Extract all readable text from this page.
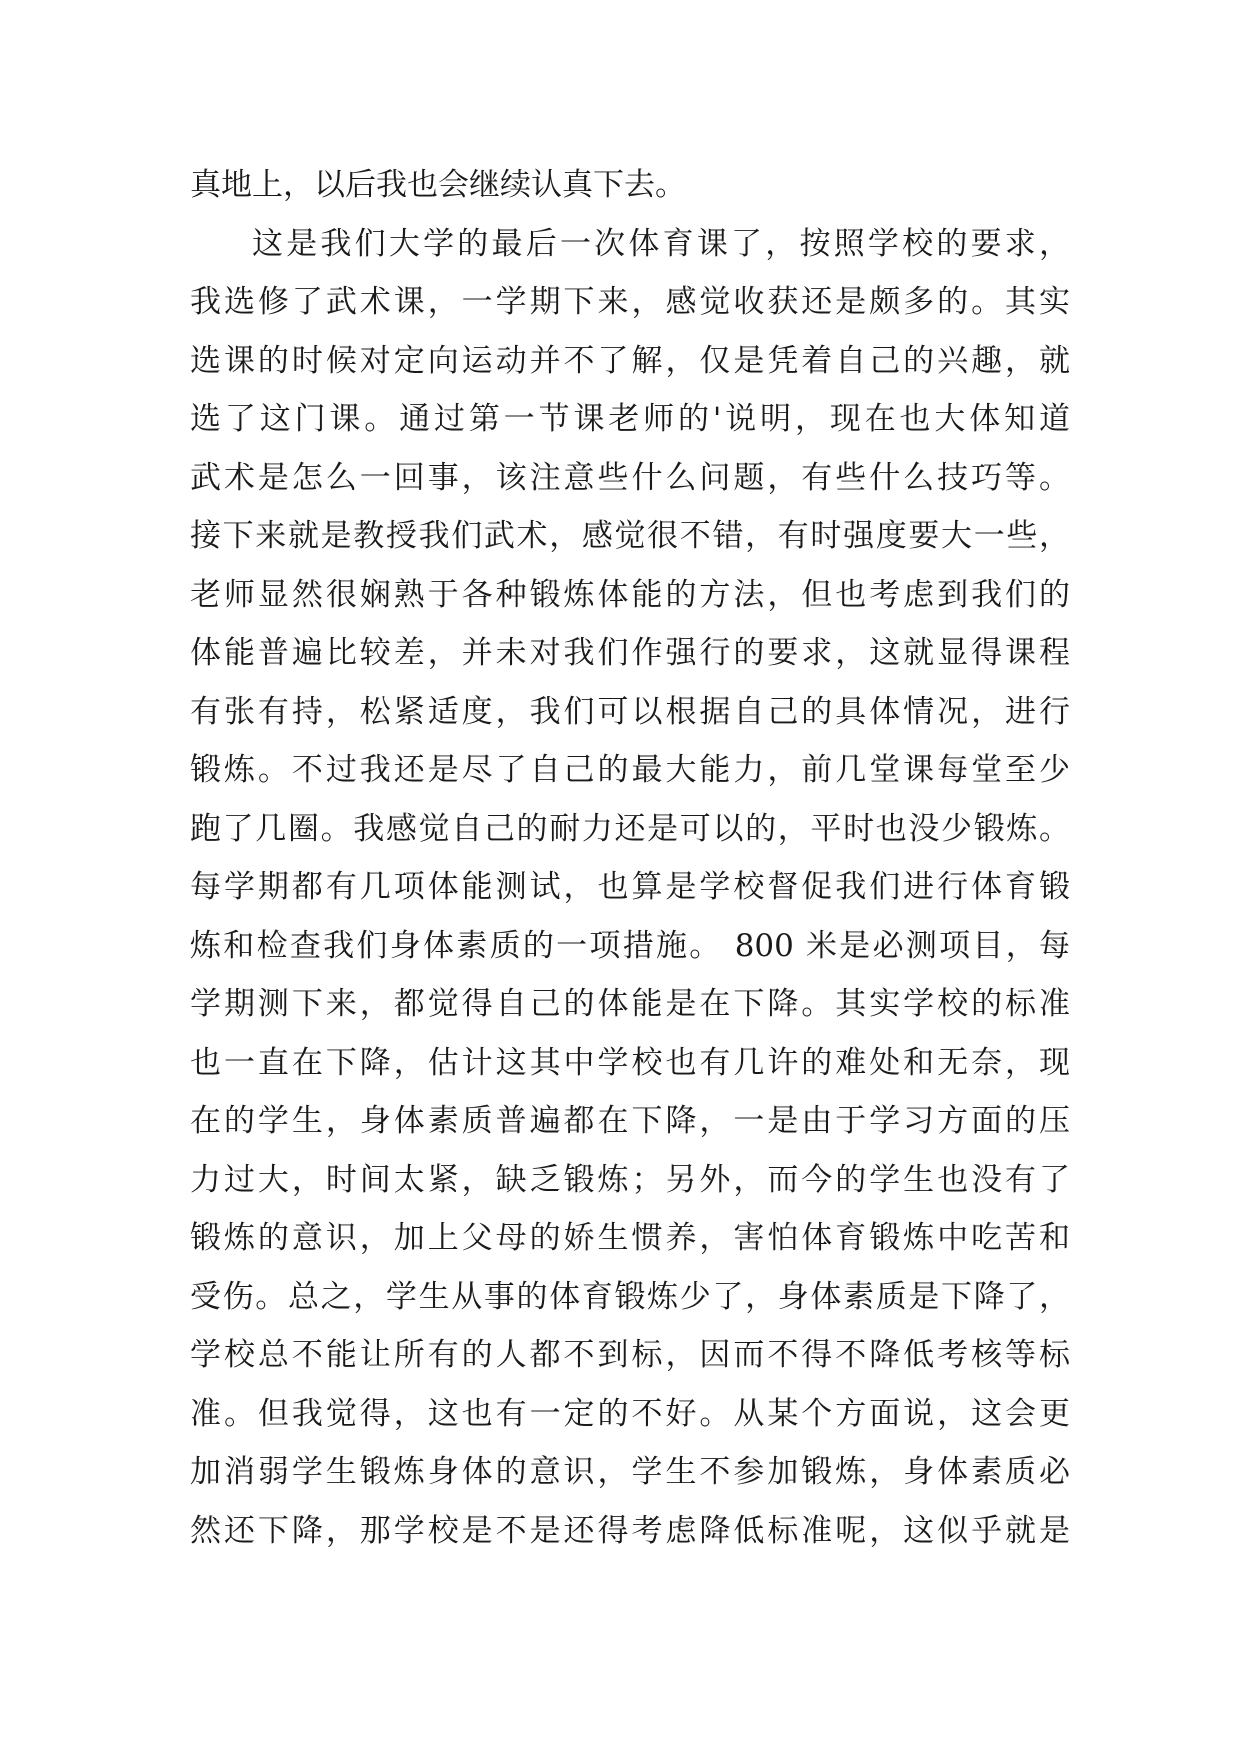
真地上，以后我也会继续认真下去。
这是我们大学的最后一次体育课了，按照学校的要求，
我选修了武术课，一学期下来，感觉收获还是颇多的。其实
选课的时候对定向运动并不了解，仅是凭着自己的兴趣，就
选了这门课。通过第一节课老师的'说明，现在也大体知道
武术是怎么一回事，该注意些什么问题，有些什么技巧等。
接下来就是教授我们武术，感觉很不错，有时强度要大一些，
老师显然很娴熟于各种锻炼体能的方法，但也考虑到我们的
体能普遍比较差，并未对我们作强行的要求，这就显得课程
有张有持，松紧适度，我们可以根据自己的具体情况，进行
锻炼。不过我还是尽了自己的最大能力，前几堂课每堂至少
跑了几圈。我感觉自己的耐力还是可以的，平时也没少锻炼。
每学期都有几项体能测试，也算是学校督促我们进行体育锻
炼和检查我们身体素质的一项措施。 800 米是必测项目，每
学期测下来，都觉得自己的体能是在下降。其实学校的标准
也一直在下降，估计这其中学校也有几许的难处和无奈，现
在的学生，身体素质普遍都在下降，一是由于学习方面的压
力过大，时间太紧，缺乏锻炼；另外，而今的学生也没有了
锻炼的意识，加上父母的娇生惯养，害怕体育锻炼中吃苦和
受伤。总之，学生从事的体育锻炼少了，身体素质是下降了，
学校总不能让所有的人都不到标，因而不得不降低考核等标
准。但我觉得，这也有一定的不好。从某个方面说，这会更
加消弱学生锻炼身体的意识，学生不参加锻炼，身体素质必
然还下降，那学校是不是还得考虑降低标准呢，这似乎就是
